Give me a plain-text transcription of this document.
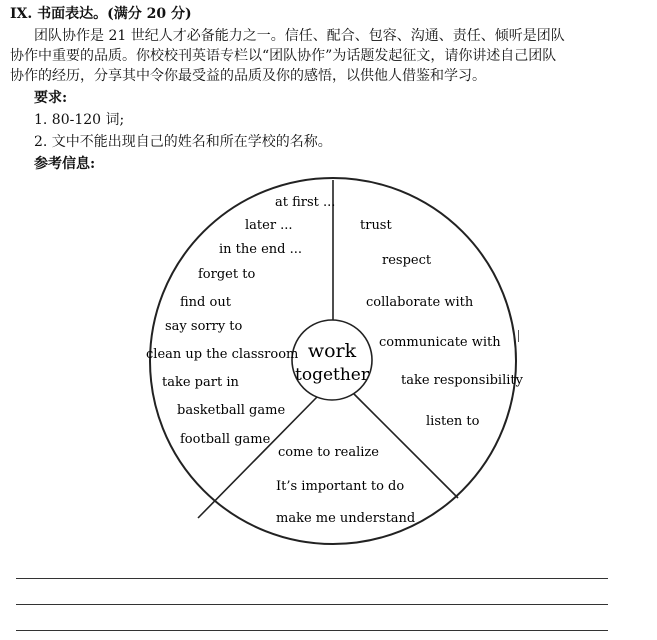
IX. 书面表达。(满分 20 分)
团队协作是 21 世纪人才必备能力之一。信任、配合、包容、沟通、责任、倾听是团队
协作中重要的品质。你校校刊英语专栏以“团队协作”为话题发起征文，请你讲述自己团队
协作的经历，分享其中令你最受益的品质及你的感悟，以供他人借鉴和学习。
要求:
1. 80-120 词;
2. 文中不能出现自己的姓名和所在学校的名称。
参考信息:
work
together
at first ...
later ...
in the end ...
forget to
find out
say sorry to
clean up the classroom
take part in
basketball game
football game
trust
respect
collaborate with
communicate with
take responsibility
listen to
come to realize
It’s important to do
make me understand
